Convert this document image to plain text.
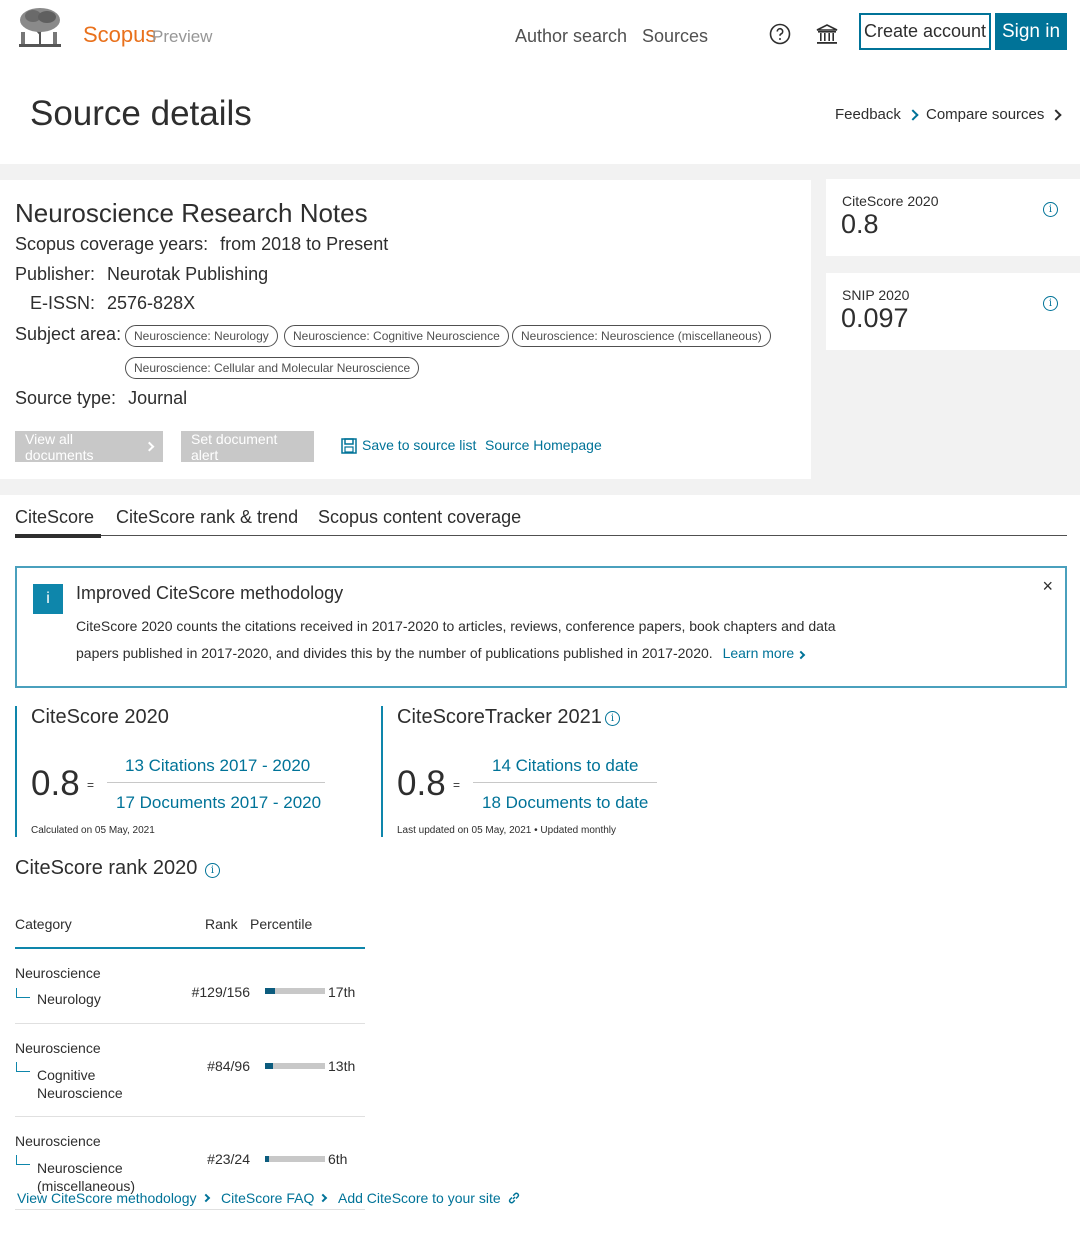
Scopus
Preview	Author search Sources	Create account Sign in
Source details	Feedback Compare sources
CiteScore 2020
0.8	i
SNIP 2020
0.097	i
Neuroscience Research Notes
Scopus coverage years: from 2018 to Present
Publisher: Neurotak Publishing
E-ISSN: 2576-828X
Subject area:	Neuroscience: Neurology	Neuroscience: Cognitive Neuroscience	Neuroscience: Neuroscience (miscellaneous)
Neuroscience: Cellular and Molecular Neuroscience
Source type: Journal
View all documents
Set document alert
Save to source list Source Homepage
CiteScore CiteScore rank & trend Scopus content coverage
i	Improved CiteScore methodology
CiteScore 2020 counts the citations received in 2017-2020 to articles, reviews, conference papers, book chapters and data
papers published in 2017-2020, and divides this by the number of publications published in 2017-2020. Learn more
×
CiteScore 2020
0.8 =
13 Citations 2017 - 2020
17 Documents 2017 - 2020
Calculated on 05 May, 2021
CiteScoreTracker 2021 i
0.8 =
14 Citations to date
18 Documents to date
Last updated on 05 May, 2021 • Updated monthly
CiteScore rank 2020	i
Category	Rank Percentile
Neuroscience
Neurology	#129/156	17th
Neuroscience
Cognitive Neuroscience
#84/96	13th
Neuroscience
Neuroscience (miscellaneous)
#23/24	6th
View CiteScore methodology CiteScore FAQ Add CiteScore to your site
